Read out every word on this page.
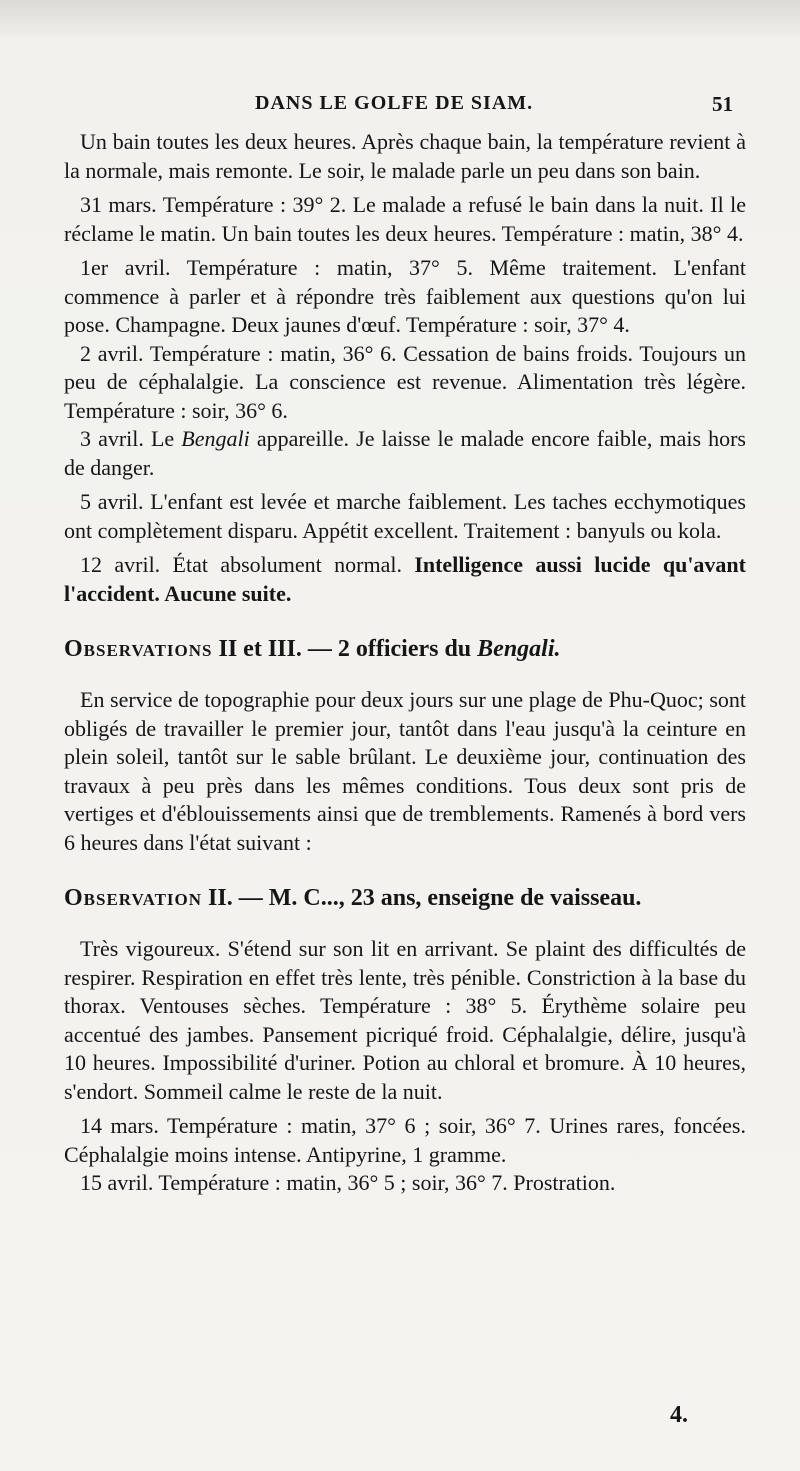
DANS LE GOLFE DE SIAM.	51

Un bain toutes les deux heures. Après chaque bain, la température revient à la normale, mais remonte. Le soir, le malade parle un peu dans son bain.

31 mars. Température : 39° 2. Le malade a refusé le bain dans la nuit. Il le réclame le matin. Un bain toutes les deux heures. Température : matin, 38° 4.

1er avril. Température : matin, 37° 5. Même traitement. L'enfant commence à parler et à répondre très faiblement aux questions qu'on lui pose. Champagne. Deux jaunes d'œuf. Température : soir, 37° 4.

2 avril. Température : matin, 36° 6. Cessation de bains froids. Toujours un peu de céphalalgie. La conscience est revenue. Alimentation très légère. Température : soir, 36° 6.

3 avril. Le Bengali appareille. Je laisse le malade encore faible, mais hors de danger.

5 avril. L'enfant est levée et marche faiblement. Les taches ecchymotiques ont complètement disparu. Appétit excellent. Traitement : banyuls ou kola.

12 avril. État absolument normal. Intelligence aussi lucide qu'avant l'accident. Aucune suite.

Observations II et III. — 2 officiers du Bengali.

En service de topographie pour deux jours sur une plage de Phu-Quoc; sont obligés de travailler le premier jour, tantôt dans l'eau jusqu'à la ceinture en plein soleil, tantôt sur le sable brûlant. Le deuxième jour, continuation des travaux à peu près dans les mêmes conditions. Tous deux sont pris de vertiges et d'éblouissements ainsi que de tremblements. Ramenés à bord vers 6 heures dans l'état suivant :

Observation II. — M. C..., 23 ans, enseigne de vaisseau.

Très vigoureux. S'étend sur son lit en arrivant. Se plaint des difficultés de respirer. Respiration en effet très lente, très pénible. Constriction à la base du thorax. Ventouses sèches. Température : 38° 5. Érythème solaire peu accentué des jambes. Pansement picriqué froid. Céphalalgie, délire, jusqu'à 10 heures. Impossibilité d'uriner. Potion au chloral et bromure. À 10 heures, s'endort. Sommeil calme le reste de la nuit.

14 mars. Température : matin, 37° 6 ; soir, 36° 7. Urines rares, foncées. Céphalalgie moins intense. Antipyrine, 1 gramme.

15 avril. Température : matin, 36° 5 ; soir, 36° 7. Prostration.

4.
